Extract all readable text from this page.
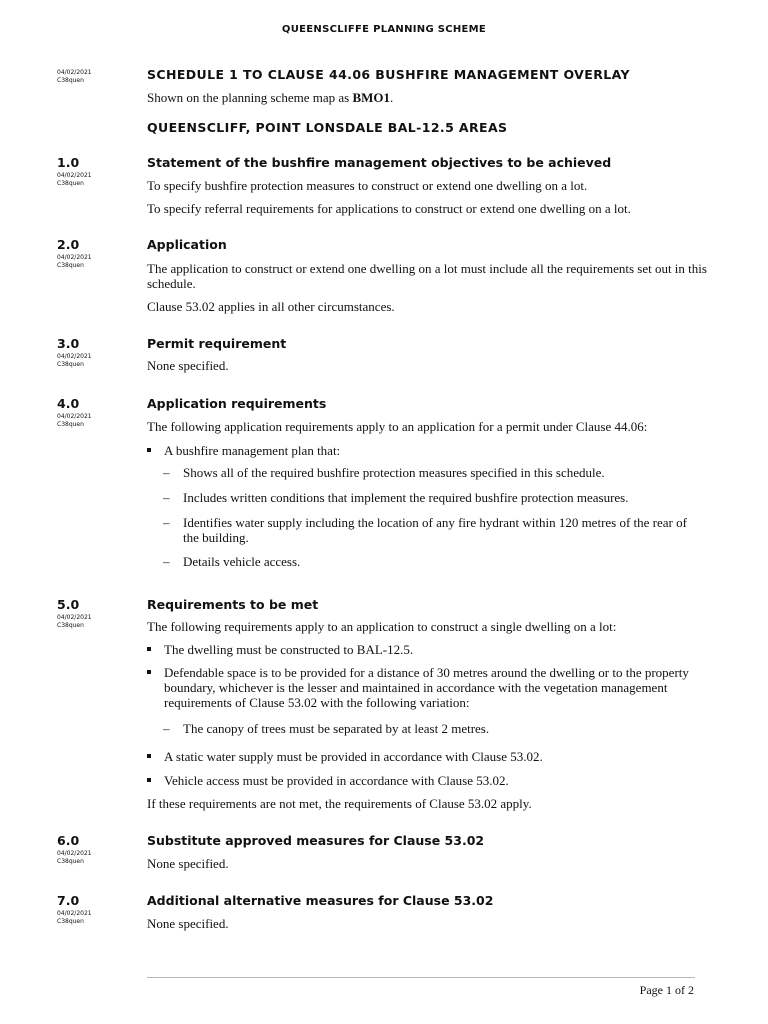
QUEENSCLIFFE PLANNING SCHEME
04/02/2021
C38quen	SCHEDULE 1 TO CLAUSE 44.06 BUSHFIRE MANAGEMENT OVERLAY
Shown on the planning scheme map as BMO1.
QUEENSCLIFF, POINT LONSDALE BAL-12.5 AREAS
1.0
04/02/2021
C38quen
Statement of the bushfire management objectives to be achieved
To specify bushfire protection measures to construct or extend one dwelling on a lot.
To specify referral requirements for applications to construct or extend one dwelling on a lot.
2.0
04/02/2021
C38quen
Application
The application to construct or extend one dwelling on a lot must include all the requirements set out in this schedule.
Clause 53.02 applies in all other circumstances.
3.0
04/02/2021
C38quen
Permit requirement
None specified.
4.0
04/02/2021
C38quen
Application requirements
The following application requirements apply to an application for a permit under Clause 44.06:
A bushfire management plan that:
– Shows all of the required bushfire protection measures specified in this schedule.
– Includes written conditions that implement the required bushfire protection measures.
– Identifies water supply including the location of any fire hydrant within 120 metres of the rear of the building.
– Details vehicle access.
5.0
04/02/2021
C38quen
Requirements to be met
The following requirements apply to an application to construct a single dwelling on a lot:
The dwelling must be constructed to BAL-12.5.
Defendable space is to be provided for a distance of 30 metres around the dwelling or to the property boundary, whichever is the lesser and maintained in accordance with the vegetation management requirements of Clause 53.02 with the following variation:
– The canopy of trees must be separated by at least 2 metres.
A static water supply must be provided in accordance with Clause 53.02.
Vehicle access must be provided in accordance with Clause 53.02.
If these requirements are not met, the requirements of Clause 53.02 apply.
6.0
04/02/2021
C38quen
Substitute approved measures for Clause 53.02
None specified.
7.0
04/02/2021
C38quen
Additional alternative measures for Clause 53.02
None specified.
Page 1 of 2
